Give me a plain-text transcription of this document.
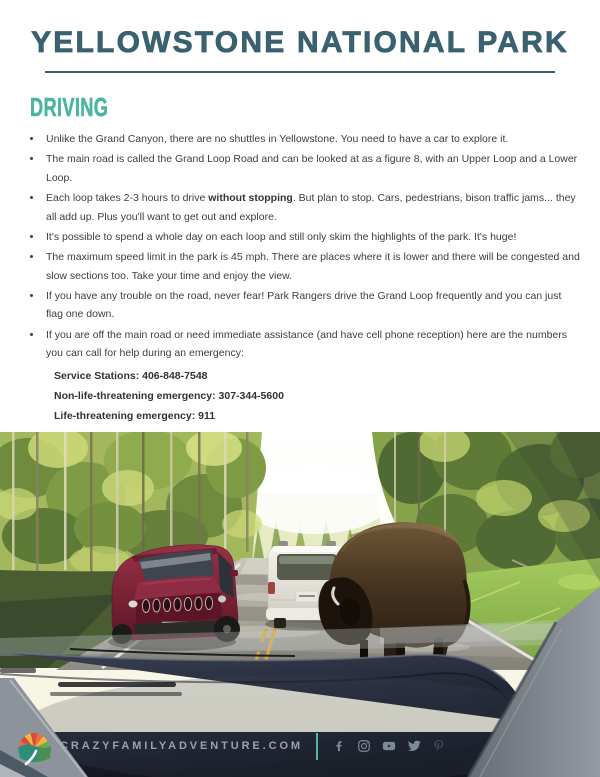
YELLOWSTONE NATIONAL PARK
DRIVING
• Unlike the Grand Canyon, there are no shuttles in Yellowstone. You need to have a car to explore it.
• The main road is called the Grand Loop Road and can be looked at as a figure 8, with an Upper Loop and a Lower Loop.
• Each loop takes 2-3 hours to drive without stopping. But plan to stop. Cars, pedestrians, bison traffic jams... they all add up. Plus you'll want to get out and explore.
• It's possible to spend a whole day on each loop and still only skim the highlights of the park. It's huge!
• The maximum speed limit in the park is 45 mph. There are places where it is lower and there will be congested and slow sections too. Take your time and enjoy the view.
• If you have any trouble on the road, never fear! Park Rangers drive the Grand Loop frequently and you can just flag one down.
• If you are off the main road or need immediate assistance (and have cell phone reception) here are the numbers you can call for help during an emergency:
Service Stations: 406-848-7548
Non-life-threatening emergency: 307-344-5600
Life-threatening emergency: 911
CRAZYFAMILYADVENTURE.COM
